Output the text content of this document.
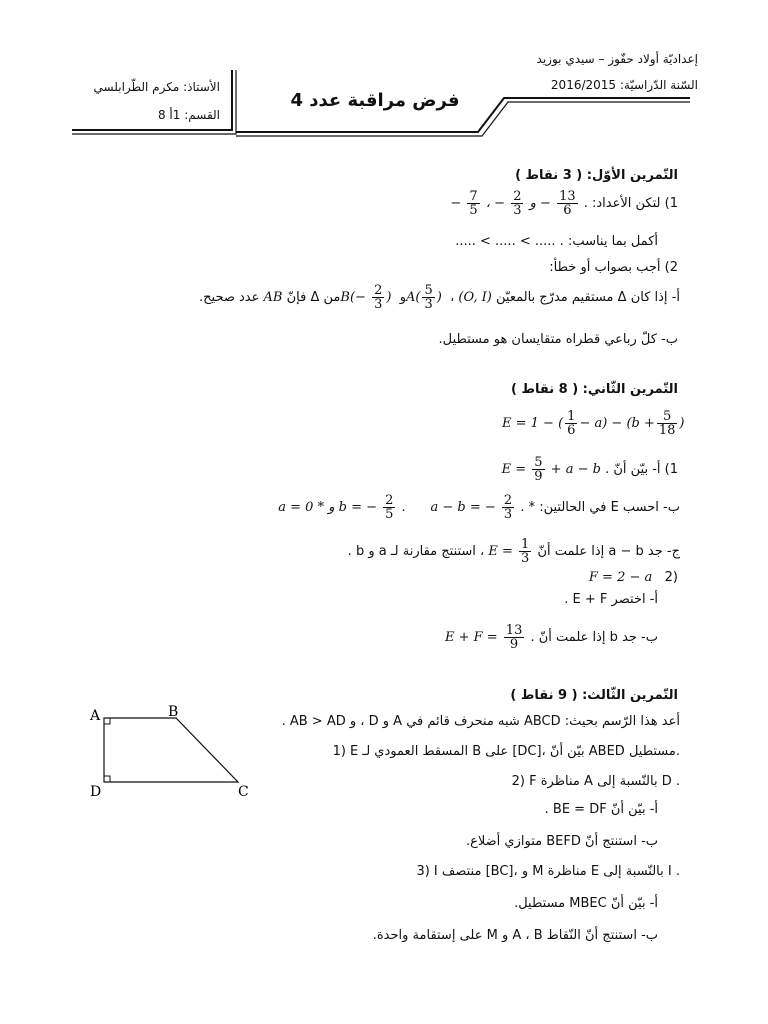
الأستاذ: مكرم الطّرابلسي
القسم: 1أ 8
فرض مراقبة عدد 4
إعداديّة أولاد حفّوز – سيدي بوزيد
السّنة الدّراسيّة: 2016/2015
التّمرين الأوّل: ( 3 نقاط )
1) لتكن الأعداد: − $\frac{7}{5}$ ، − $\frac{2}{3}$ و − $\frac{13}{6}$ .
أكمل بما يناسب: ..... < ..... < ..... .
2) أجب بصواب أو خطأ:
أ- إذا كان Δ مستقيم مدرّج بالمعيّن (O, I) ، $A( \frac{5}{3}$ ) و $B(- \frac{2}{3}$ ) من Δ فإنّ AB عدد صحيح.
ب- كلّ رباعي قطراه متقايسان هو مستطيل.
التّمرين الثّاني: ( 8 نقاط )
E = 1 − ( $\frac{1}{6} - a) - (b + \frac{5}{18}$ )
1) أ- بيّن أنّ $E = \frac{5}{9} + a - b$ .
ب- احسب E في الحالتين: * a − b = − $\frac{2}{3}$ .      a = 0 * و b = − $\frac{2}{5}$ .
ج- جد a − b إذا علمت أنّ $E = \frac{1}{3}$
، استنتج مقارنة لـ a و b .
F = 2 − a 2)
أ- اختصر E + F .
ب- جد b إذا علمت أنّ $E + F = \frac{13}{9}$ .
التّمرين الثّالث: ( 9 نقاط )
أعد هذا الرّسم بحيث: ABCD شبه منحرف قائم في A و D ، و AB > AD .
1) E المسقط العمودي لـ B على [DC]، بيّن أنّ ABED مستطيل.
2) F مناظرة A بالنّسبة إلى D .
أ- بيّن أنّ BE = DF .
ب- استنتج أنّ BEFD متوازي أضلاع.
3) I منتصف [BC]، و M مناظرة E بالنّسبة إلى I .
أ- بيّن أنّ MBEC مستطيل.
ب- استنتج أنّ النّقاط A ، B و M على إستقامة واحدة.
A	B
C
D
